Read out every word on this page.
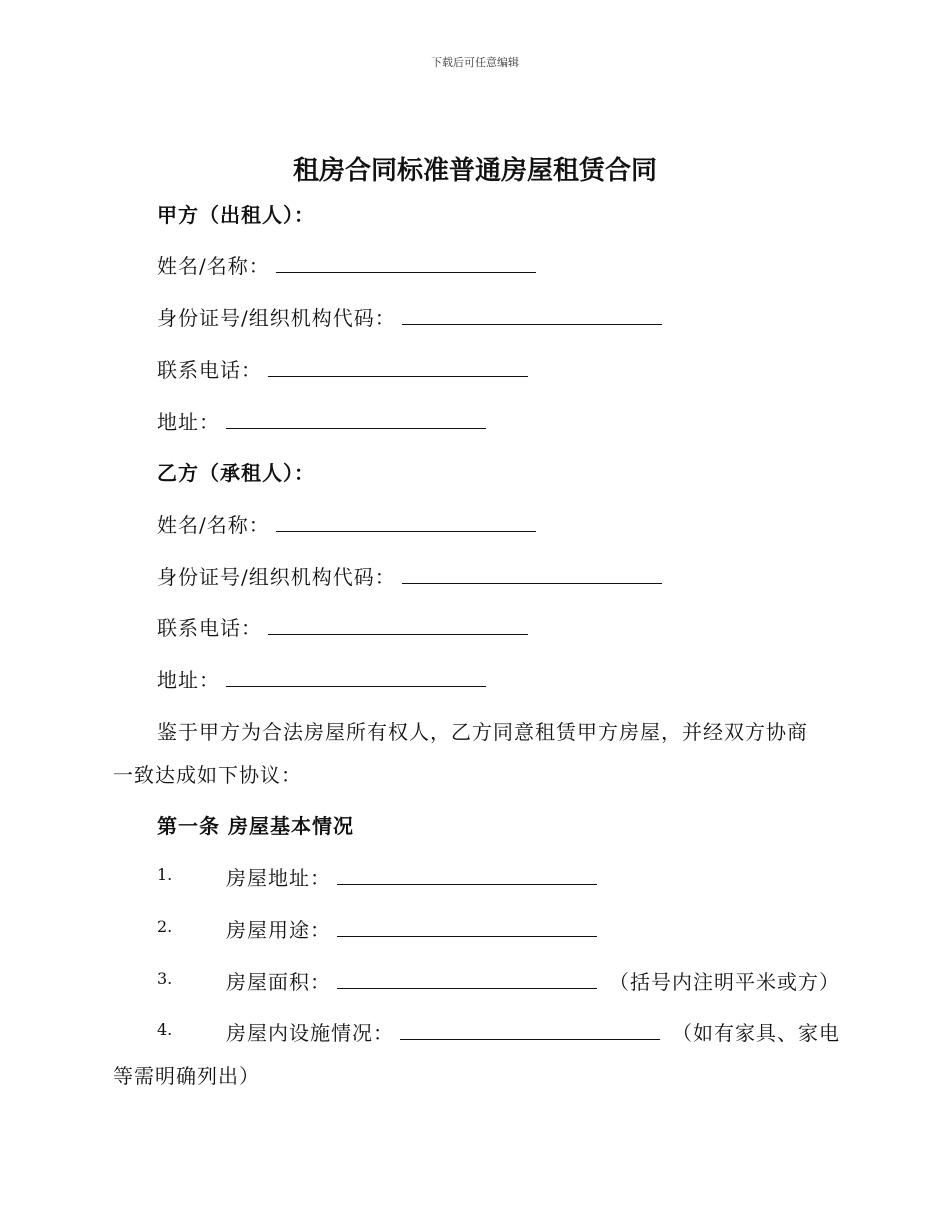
下载后可任意编辑
租房合同标准普通房屋租赁合同
甲方（出租人）：
姓名/名称：
身份证号/组织机构代码：
联系电话：
地址：
乙方（承租人）：
姓名/名称：
身份证号/组织机构代码：
联系电话：
地址：
鉴于甲方为合法房屋所有权人，乙方同意租赁甲方房屋，并经双方协商
一致达成如下协议：
第一条 房屋基本情况
1.	房屋地址：
2.	房屋用途：
3.	房屋面积：	（括号内注明平米或方）
4.	房屋内设施情况：	（如有家具、家电
等需明确列出）
